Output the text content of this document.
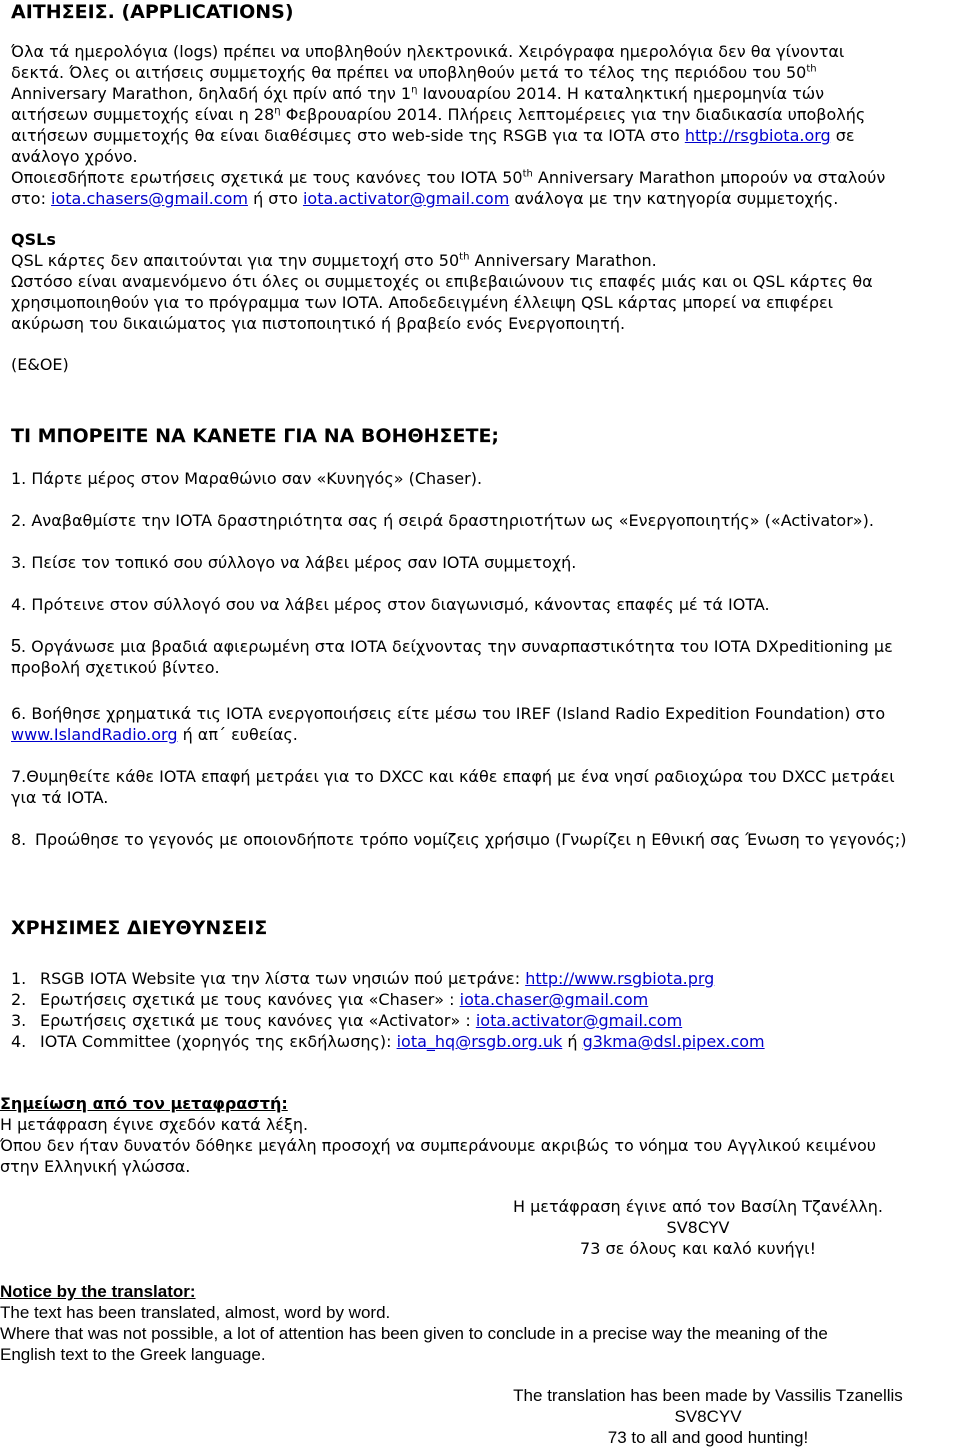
ΑΙΤΗΣΕΙΣ. (APPLICATIONS)
Όλα τά ημερολόγια (logs) πρέπει να υποβληθούν ηλεκτρονικά. Χειρόγραφα ημερολόγια δεν θα γίνονται
δεκτά. Όλες οι αιτήσεις συμμετοχής θα πρέπει να υποβληθούν μετά το τέλος της περιόδου του 50th
Anniversary Marathon, δηλαδή όχι πρίν από την $1^\eta$ Ιανουαρίου 2014. Η καταληκτική ημερομηνία τών
αιτήσεων συμμετοχής είναι η $28^\eta$ Φεβρουαρίου 2014. Πλήρεις λεπτομέρειες για την διαδικασία υποβολής
αιτήσεων συμμετοχής θα είναι διαθέσιμες στο web-side της RSGB για τα IOTA στο http://rsgbiota.org σε
ανάλογο χρόνο.
Οποιεσδήποτε ερωτήσεις σχετικά με τους κανόνες του IOTA 50th Anniversary Marathon μπορούν να σταλούν
στο: iota.chasers@gmail.com ή στο iota.activator@gmail.com ανάλογα με την κατηγορία συμμετοχής.
QSLs
QSL κάρτες δεν απαιτούνται για την συμμετοχή στο 50th Anniversary Marathon.
Ωστόσο είναι αναμενόμενο ότι όλες οι συμμετοχές οι επιβεβαιώνουν τις επαφές μιάς και οι QSL κάρτες θα
χρησιμοποιηθούν για το πρόγραμμα των IOTA. Αποδεδειγμένη έλλειψη QSL κάρτας μπορεί να επιφέρει
ακύρωση του δικαιώματος για πιστοποιητικό ή βραβείο ενός Ενεργοποιητή.
(E&OE)
ΤΙ ΜΠΟΡΕΙΤΕ ΝΑ ΚΑΝΕΤΕ ΓΙΑ ΝΑ ΒΟΗΘΗΣΕΤΕ;
1. Πάρτε μέρος στον Μαραθώνιο σαν «Κυνηγός» (Chaser).
2. Αναβαθμίστε την IOTA δραστηριότητα σας ή σειρά δραστηριοτήτων ως «Ενεργοποιητής» («Activator»).
3. Πείσε τον τοπικό σου σύλλογο να λάβει μέρος σαν IOTA συμμετοχή.
4. Πρότεινε στον σύλλογό σου να λάβει μέρος στον διαγωνισμό, κάνοντας επαφές μέ τά IOTA.
5. Οργάνωσε μια βραδιά αφιερωμένη στα IOTA δείχνοντας την συναρπαστικότητα του IOTA DXpeditioning με
προβολή σχετικού βίντεο.
6. Βοήθησε χρηματικά τις IOTA ενεργοποιήσεις είτε μέσω του IREF (Island Radio Expedition Foundation) στο
www.IslandRadio.org ή απ΄ ευθείας.
7.Θυμηθείτε κάθε IOTA επαφή μετράει για το DXCC και κάθε επαφή με ένα νησί ραδιοχώρα του DXCC μετράει
για τά IOTA.
8. Προώθησε το γεγονός με οποιονδήποτε τρόπο νομίζεις χρήσιμο (Γνωρίζει η Εθνική σας Ένωση το γεγονός;)
ΧΡΗΣΙΜΕΣ ΔΙΕΥΘΥΝΣΕΙΣ
1. RSGB IOTA Website για την λίστα των νησιών πού μετράνε: http://www.rsgbiota.prg
2. Ερωτήσεις σχετικά με τους κανόνες για «Chaser» : iota.chaser@gmail.com
3. Ερωτήσεις σχετικά με τους κανόνες για «Activator» : iota.activator@gmail.com
4. IOTA Committee (χορηγός της εκδήλωσης): iota_hq@rsgb.org.uk ή g3kma@dsl.pipex.com
Σημείωση από τον μεταφραστή:
Η μετάφραση έγινε σχεδόν κατά λέξη.
Όπου δεν ήταν δυνατόν δόθηκε μεγάλη προσοχή να συμπεράνουμε ακριβώς το νόημα του Αγγλικού κειμένου
στην Ελληνική γλώσσα.
Η μετάφραση έγινε από τον Βασίλη Τζανέλλη.
SV8CYV
73 σε όλους και καλό κυνήγι!
Notice by the translator:
The text has been translated, almost, word by word.
Where that was not possible, a lot of attention has been given to conclude in a precise way the meaning of the
English text to the Greek language.
The translation has been made by Vassilis Tzanellis
SV8CYV
73 to all and good hunting!
